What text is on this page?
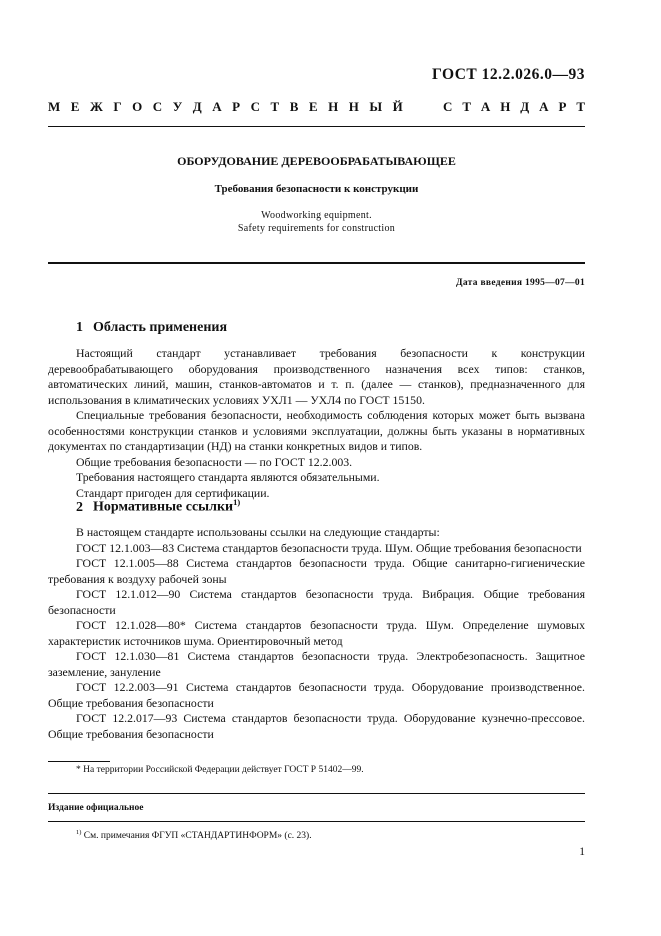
ГОСТ 12.2.026.0—93
М Е Ж Г О С У Д А Р С Т В Е Н Н Ы Й	С Т А Н Д А Р Т
ОБОРУДОВАНИЕ ДЕРЕВООБРАБАТЫВАЮЩЕЕ
Требования безопасности к конструкции
Woodworking equipment.
Safety requirements for construction
Дата введения 1995—07—01
1 Область применения

Настоящий стандарт устанавливает требования безопасности к конструкции деревообрабатывающего оборудования производственного назначения всех типов: станков, автоматических линий, машин, станков-автоматов и т. п. (далее — станков), предназначенного для использования в климатических условиях УХЛ1 — УХЛ4 по ГОСТ 15150.

Специальные требования безопасности, необходимость соблюдения которых может быть вызвана особенностями конструкции станков и условиями эксплуатации, должны быть указаны в нормативных документах по стандартизации (НД) на станки конкретных видов и типов.

Общие требования безопасности — по ГОСТ 12.2.003.

Требования настоящего стандарта являются обязательными.

Стандарт пригоден для сертификации.

2 Нормативные ссылки$^{1)}$

В настоящем стандарте использованы ссылки на следующие стандарты:

ГОСТ 12.1.003—83 Система стандартов безопасности труда. Шум. Общие требования безопасности

ГОСТ 12.1.005—88 Система стандартов безопасности труда. Общие санитарно-гигиенические требования к воздуху рабочей зоны

ГОСТ 12.1.012—90 Система стандартов безопасности труда. Вибрация. Общие требования безопасности

ГОСТ 12.1.028—80* Система стандартов безопасности труда. Шум. Определение шумовых характеристик источников шума. Ориентировочный метод

ГОСТ 12.1.030—81 Система стандартов безопасности труда. Электробезопасность. Защитное заземление, зануление

ГОСТ 12.2.003—91 Система стандартов безопасности труда. Оборудование производственное. Общие требования безопасности

ГОСТ 12.2.017—93 Система стандартов безопасности труда. Оборудование кузнечно-прессовое. Общие требования безопасности

* На территории Российской Федерации действует ГОСТ Р 51402—99.
Издание официальное
$^{1)}$ См. примечания ФГУП «СТАНДАРТИНФОРМ» (с. 23).
1
